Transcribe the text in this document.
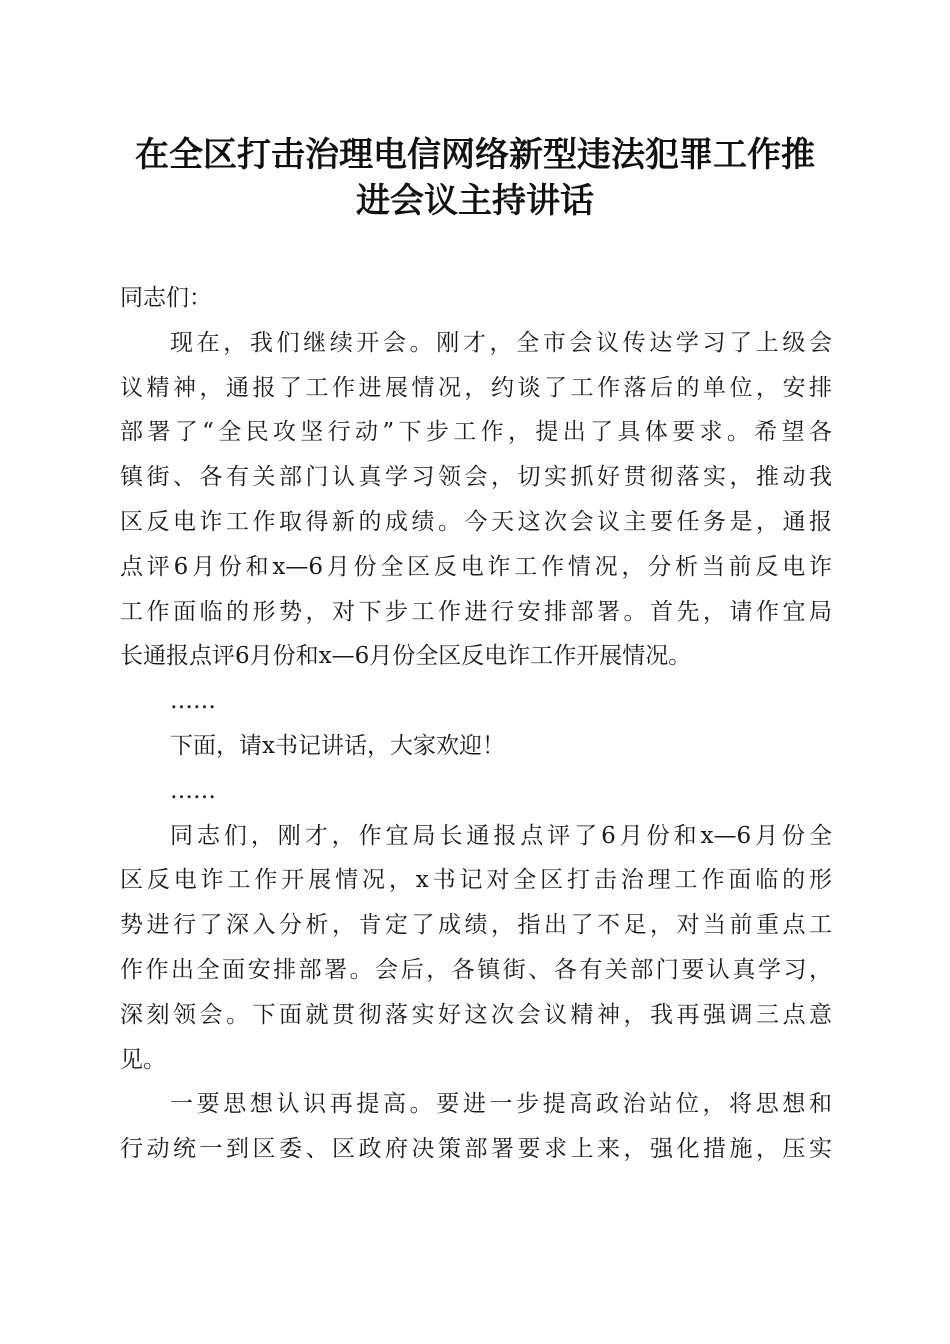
在全区打击治理电信网络新型违法犯罪工作推
进会议主持讲话
同志们：
现在，我们继续开会。刚才，全市会议传达学习了上级会
议精神，通报了工作进展情况，约谈了工作落后的单位，安排
部署了“全民攻坚行动”下步工作，提出了具体要求。希望各
镇街、各有关部门认真学习领会，切实抓好贯彻落实，推动我
区反电诈工作取得新的成绩。今天这次会议主要任务是，通报
点评6月份和x—6月份全区反电诈工作情况，分析当前反电诈
工作面临的形势，对下步工作进行安排部署。首先，请作宜局
长通报点评6月份和x—6月份全区反电诈工作开展情况。
……
下面，请x书记讲话，大家欢迎！
……
同志们，刚才，作宜局长通报点评了6月份和x—6月份全
区反电诈工作开展情况，x书记对全区打击治理工作面临的形
势进行了深入分析，肯定了成绩，指出了不足，对当前重点工
作作出全面安排部署。会后，各镇街、各有关部门要认真学习，
深刻领会。下面就贯彻落实好这次会议精神，我再强调三点意
见。
一要思想认识再提高。要进一步提高政治站位，将思想和
行动统一到区委、区政府决策部署要求上来，强化措施，压实
